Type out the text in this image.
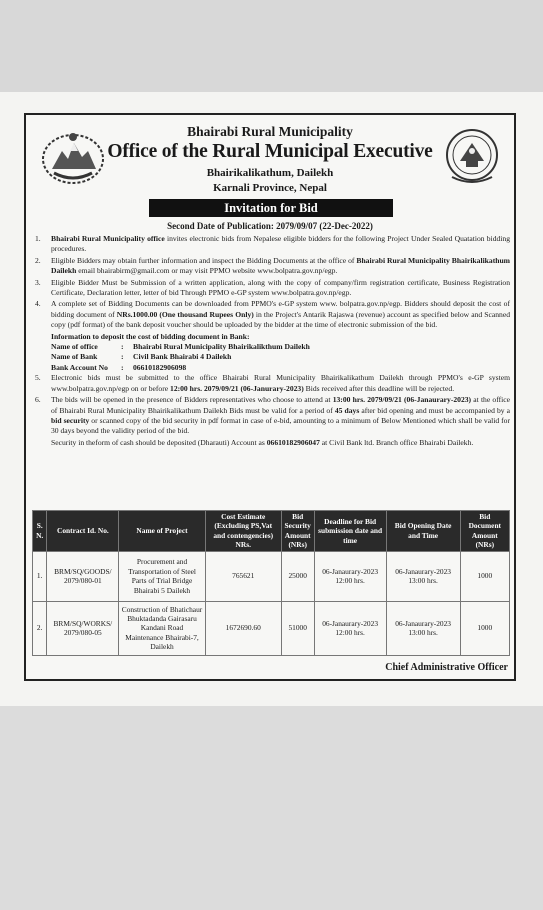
Bhairabi Rural Municipality
Office of the Rural Municipal Executive
Bhairikalikathum, Dailekh
Karnali Province, Nepal
Invitation for Bid
Second Date of Publication: 2079/09/07 (22-Dec-2022)
1. Bhairabi Rural Municipality office invites electronic bids from Nepalese eligible bidders for the following Project Under Sealed Quatation bidding procedures.
2. Eligible Bidders may obtain further information and inspect the Bidding Documents at the office of Bhairabi Rural Municipality Bhairikalikathum Dailekh email bhairabirm@gmail.com or may visit PPMO website www.bolpatra.gov.np/egp.
3. Eligible Bidder Must be Submission of a written application, along with the copy of company/firm registration certificate, Business Registration Certificate, Declaration letter, letter of bid Through PPMO e-GP system www.bolpatra.gov.np/egp.
4. A complete set of Bidding Documents can be downloaded from PPMO's e-GP system www. bolpatra.gov.np/egp. Bidders should deposit the cost of bidding document of NRs.1000.00 (One thousand Rupees Only) in the Project's Antarik Rajaswa (revenue) account as specified below and Scanned copy (pdf format) of the bank deposit voucher should be uploaded by the bidder at the time of electronic submission of the bid.
Information to deposit the cost of bidding document in Bank:
Name of office	:	Bhairabi Rural Municipality Bhairikalikthum Dailekh
Name of Bank	:	Civil Bank Bhairabi 4 Dailekh
Bank Account No	:	06610182906098
5. Electronic bids must be submitted to the office Bhairabi Rural Municipality Bhairikalikathum Dailekh through PPMO's e-GP system www.bolpatra.gov.np/egp on or before 12:00 hrs. 2079/09/21 (06-Janurary-2023) Bids received after this deadline will be rejected.
6. The bids will be opened in the presence of Bidders representatives who choose to attend at 13:00 hrs. 2079/09/21 (06-Janaurary-2023) at the office of Bhairabi Rural Municipality Bhairikalikathum Dailekh Bids must be valid for a period of 45 days after bid opening and must be accompanied by a bid security or scanned copy of the bid security in pdf format in case of e-bid, amounting to a minimum of Below Mentioned which shall be valid for 30 days beyond the validity period of the bid.
Security in theform of cash should be deposited (Dharauti) Account as 06610182906047 at Civil Bank ltd. Branch office Bhairabi Dailekh.
S. N.	Contract Id. No.	Name of Project	Cost Estimate (Excluding PS,Vat and contengencies) NRs.	Bid Security Amount (NRs)	Deadline for Bid submission date and time	Bid Opening Date and Time	Bid Document Amount (NRs)
1.	BRM/SQ/GOODS/ 2079/080-01	Procurement and Transportation of Steel Parts of Trial Bridge Bhairabi 5 Dailekh	765621	25000	06-Janaurary-2023 12:00 hrs.	06-Janaurary-2023 13:00 hrs.	1000
2.	BRM/SQ/WORKS/ 2079/080-05	Construction of Bhatichaur Bhuktadanda Gairasaru Kandani Road Maintenance Bhairabi-7, Dailekh	1672690.60	51000	06-Janaurary-2023 12:00 hrs.	06-Janaurary-2023 13:00 hrs.	1000
Chief Administrative Officer
